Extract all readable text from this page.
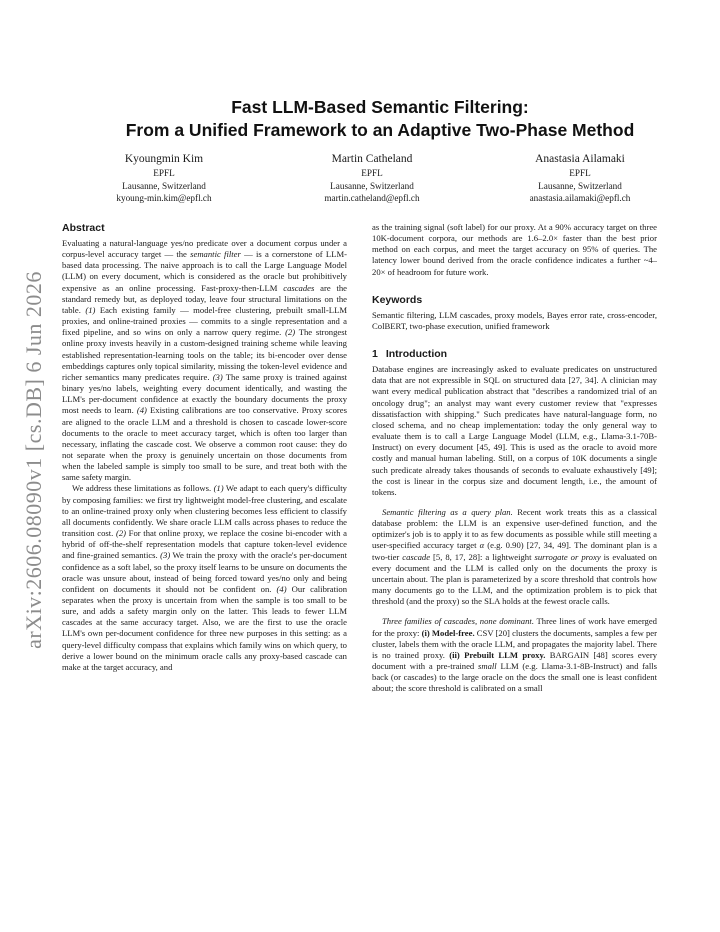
arXiv:2606.08090v1 [cs.DB] 6 Jun 2026
Fast LLM-Based Semantic Filtering:
From a Unified Framework to an Adaptive Two-Phase Method
Kyoungmin Kim
EPFL
Lausanne, Switzerland
kyoung-min.kim@epfl.ch
Martin Catheland
EPFL
Lausanne, Switzerland
martin.catheland@epfl.ch
Anastasia Ailamaki
EPFL
Lausanne, Switzerland
anastasia.ailamaki@epfl.ch
Abstract

Evaluating a natural-language yes/no predicate over a document corpus under a corpus-level accuracy target — the semantic filter — is a cornerstone of LLM-based data processing. The naive approach is to call the Large Language Model (LLM) on every document, which is considered as the oracle but prohibitively expensive as an online processing. Fast-proxy-then-LLM cascades are the standard remedy but, as deployed today, leave four structural limitations on the table. (1) Each existing family — model-free clustering, prebuilt small-LLM proxies, and online-trained proxies — commits to a single representation and a fixed pipeline, and so wins on only a narrow query regime. (2) The strongest online proxy invests heavily in a custom-designed training scheme while leaving established representation-learning tools on the table; its bi-encoder over dense embeddings captures only topical similarity, missing the token-level evidence and richer semantics many predicates require. (3) The same proxy is trained against binary yes/no labels, weighting every document identically, and wasting the LLM's per-document confidence at exactly the boundary documents the proxy most needs to learn. (4) Existing calibrations are too conservative. Proxy scores are aligned to the oracle LLM and a threshold is chosen to cascade lower-score documents to the oracle to meet accuracy target, which is often too larger than necessary, inflating the cascade cost. We observe a common root cause: they do not separate when the proxy is genuinely uncertain on those documents from when the labeled sample is simply too small to be sure, and treat both with the same safety margin.

We address these limitations as follows. (1) We adapt to each query's difficulty by composing families: we first try lightweight model-free clustering, and escalate to an online-trained proxy only when clustering becomes less efficient to classify all documents confidently. We share oracle LLM calls across phases to reduce the transition cost. (2) For that online proxy, we replace the cosine bi-encoder with a hybrid of off-the-shelf representation models that capture token-level evidence and fine-grained semantics. (3) We train the proxy with the oracle's per-document confidence as a soft label, so the proxy itself learns to be unsure on documents the oracle was unsure about, instead of being forced toward yes/no only and being confident on documents it should not be confident on. (4) Our calibration separates when the proxy is uncertain from when the sample is too small to be sure, and adds a safety margin only on the latter. This leads to fewer LLM cascades at the same accuracy target. Also, we are the first to use the oracle LLM's own per-document confidence for three new purposes in this setting: as a query-level difficulty compass that explains which family wins on which query, to derive a lower bound on the minimum oracle calls any proxy-based cascade can make at the target accuracy, and

as the training signal (soft label) for our proxy. At a 90% accuracy target on three 10K-document corpora, our methods are 1.6–2.0× faster than the best prior method on each corpus, and meet the target accuracy on 95% of queries. The latency lower bound derived from the oracle confidence indicates a further ~4–20× of headroom for future work.

Keywords

Semantic filtering, LLM cascades, proxy models, Bayes error rate, cross-encoder, ColBERT, two-phase execution, unified framework

1 Introduction

Database engines are increasingly asked to evaluate predicates on unstructured data that are not expressible in SQL on structured data [27, 34]. A clinician may want every medical publication abstract that "describes a randomized trial of an oncology drug"; an analyst may want every customer review that "expresses dissatisfaction with shipping." Such predicates have natural-language form, no closed schema, and no cheap implementation: today the only general way to evaluate them is to call a Large Language Model (LLM, e.g., Llama-3.1-70B-Instruct) on every document [45, 49]. This is used as the oracle to avoid more costly and manual human labeling. Still, on a corpus of 10K documents a single such predicate already takes thousands of seconds to evaluate exhaustively [49]; the cost is linear in the corpus size and document length, i.e., the amount of tokens.

Semantic filtering as a query plan. Recent work treats this as a classical database problem: the LLM is an expensive user-defined function, and the optimizer's job is to apply it to as few documents as possible while still meeting a user-specified accuracy target α (e.g. 0.90) [27, 34, 49]. The dominant plan is a two-tier cascade [5, 8, 17, 28]: a lightweight surrogate or proxy is evaluated on every document and the LLM is called only on the documents the proxy is uncertain about. The plan is parameterized by a score threshold that controls how many documents go to the LLM, and the optimization problem is to pick that threshold (and the proxy) so the SLA holds at the fewest oracle calls.

Three families of cascades, none dominant. Three lines of work have emerged for the proxy: (i) Model-free. CSV [20] clusters the documents, samples a few per cluster, labels them with the oracle LLM, and propagates the majority label. There is no trained proxy. (ii) Prebuilt LLM proxy. BARGAIN [48] scores every document with a pre-trained small LLM (e.g. Llama-3.1-8B-Instruct) and falls back (or cascades) to the large oracle on the docs the small one is least confident about; the score threshold is calibrated on a small
